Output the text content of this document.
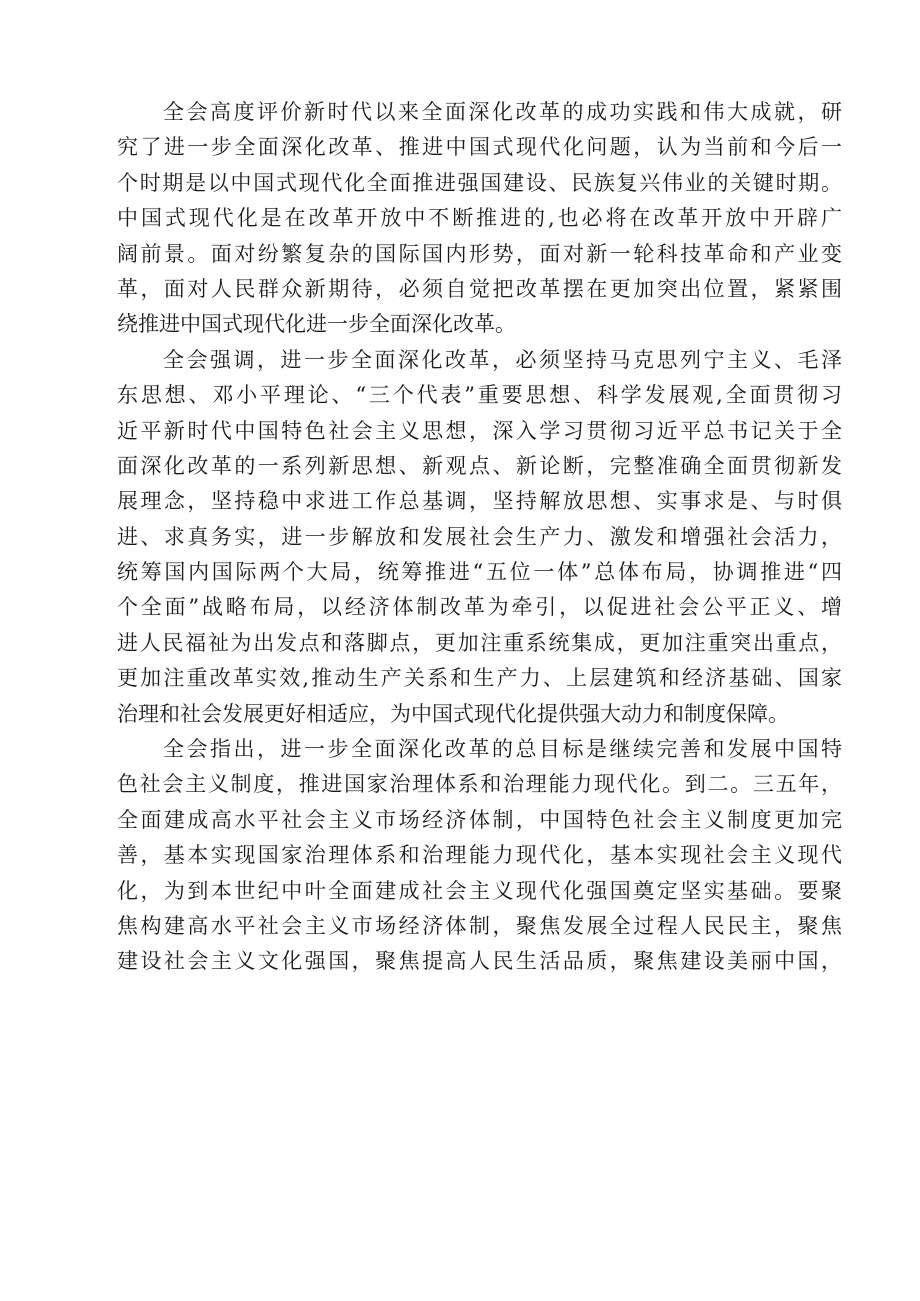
全会高度评价新时代以来全面深化改革的成功实践和伟大成就，研
究了进一步全面深化改革、推进中国式现代化问题，认为当前和今后一
个时期是以中国式现代化全面推进强国建设、民族复兴伟业的关键时期。
中国式现代化是在改革开放中不断推进的,也必将在改革开放中开辟广
阔前景。面对纷繁复杂的国际国内形势，面对新一轮科技革命和产业变
革，面对人民群众新期待，必须自觉把改革摆在更加突出位置，紧紧围
绕推进中国式现代化进一步全面深化改革。

全会强调，进一步全面深化改革，必须坚持马克思列宁主义、毛泽
东思想、邓小平理论、“三个代表”重要思想、科学发展观,全面贯彻习
近平新时代中国特色社会主义思想，深入学习贯彻习近平总书记关于全
面深化改革的一系列新思想、新观点、新论断，完整准确全面贯彻新发
展理念，坚持稳中求进工作总基调，坚持解放思想、实事求是、与时俱
进、求真务实，进一步解放和发展社会生产力、激发和增强社会活力，
统筹国内国际两个大局，统筹推进“五位一体”总体布局，协调推进“四
个全面”战略布局，以经济体制改革为牵引，以促进社会公平正义、增
进人民福祉为出发点和落脚点，更加注重系统集成，更加注重突出重点，
更加注重改革实效,推动生产关系和生产力、上层建筑和经济基础、国家
治理和社会发展更好相适应，为中国式现代化提供强大动力和制度保障。

全会指出，进一步全面深化改革的总目标是继续完善和发展中国特
色社会主义制度，推进国家治理体系和治理能力现代化。到二。三五年，
全面建成高水平社会主义市场经济体制，中国特色社会主义制度更加完
善，基本实现国家治理体系和治理能力现代化，基本实现社会主义现代
化，为到本世纪中叶全面建成社会主义现代化强国奠定坚实基础。要聚
焦构建高水平社会主义市场经济体制，聚焦发展全过程人民民主，聚焦
建设社会主义文化强国，聚焦提高人民生活品质，聚焦建设美丽中国，
